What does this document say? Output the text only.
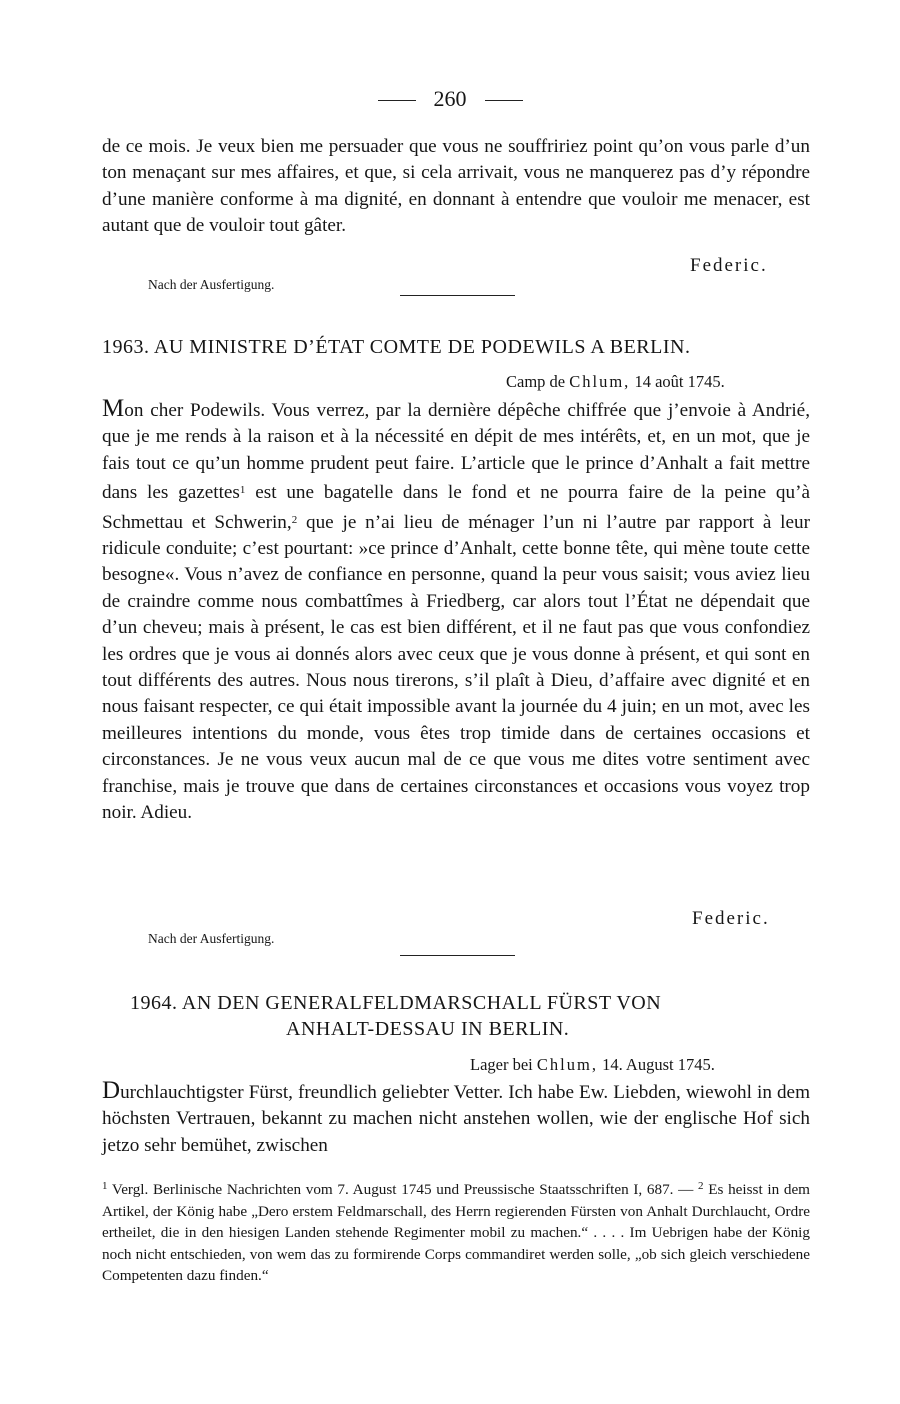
260

de ce mois. Je veux bien me persuader que vous ne souffririez point qu’on vous parle d’un ton menaçant sur mes affaires, et que, si cela arrivait, vous ne manquerez pas d’y répondre d’une manière conforme à ma dignité, en donnant à entendre que vouloir me menacer, est autant que de vouloir tout gâter.

Federic.
Nach der Ausfertigung.
1963. AU MINISTRE D’ÉTAT COMTE DE PODEWILS A BERLIN.
Camp de Chlum, 14 août 1745.

Mon cher Podewils. Vous verrez, par la dernière dépêche chiffrée que j’envoie à Andrié, que je me rends à la raison et à la nécessité en dépit de mes intérêts, et, en un mot, que je fais tout ce qu’un homme prudent peut faire. L’article que le prince d’Anhalt a fait mettre dans les gazettes$^1$ est une bagatelle dans le fond et ne pourra faire de la peine qu’à Schmettau et Schwerin,$^2$ que je n’ai lieu de ménager l’un ni l’autre par rapport à leur ridicule conduite; c’est pourtant: »ce prince d’Anhalt, cette bonne tête, qui mène toute cette besogne«. Vous n’avez de confiance en personne, quand la peur vous saisit; vous aviez lieu de craindre comme nous combattîmes à Friedberg, car alors tout l’État ne dépendait que d’un cheveu; mais à présent, le cas est bien différent, et il ne faut pas que vous confondiez les ordres que je vous ai donnés alors avec ceux que je vous donne à présent, et qui sont en tout différents des autres. Nous nous tirerons, s’il plaît à Dieu, d’affaire avec dignité et en nous faisant respecter, ce qui était impossible avant la journée du 4 juin; en un mot, avec les meilleures intentions du monde, vous êtes trop timide dans de certaines occasions et circonstances. Je ne vous veux aucun mal de ce que vous me dites votre sentiment avec franchise, mais je trouve que dans de certaines circonstances et occasions vous voyez trop noir. Adieu.

Federic.
Nach der Ausfertigung.
1964. AN DEN GENERALFELDMARSCHALL FÜRST VON
ANHALT-DESSAU IN BERLIN.
Lager bei Chlum, 14. August 1745.

Durchlauchtigster Fürst, freundlich geliebter Vetter. Ich habe Ew. Liebden, wiewohl in dem höchsten Vertrauen, bekannt zu machen nicht anstehen wollen, wie der englische Hof sich jetzo sehr bemühet, zwischen

$^1$ Vergl. Berlinische Nachrichten vom 7. August 1745 und Preussische Staatsschriften I, 687. — $^2$ Es heisst in dem Artikel, der König habe „Dero erstem Feldmarschall, des Herrn regierenden Fürsten von Anhalt Durchlaucht, Ordre ertheilet, die in den hiesigen Landen stehende Regimenter mobil zu machen.“ . . . . Im Uebrigen habe der König noch nicht entschieden, von wem das zu formirende Corps commandiret werden solle, „ob sich gleich verschiedene Competenten dazu finden.“
